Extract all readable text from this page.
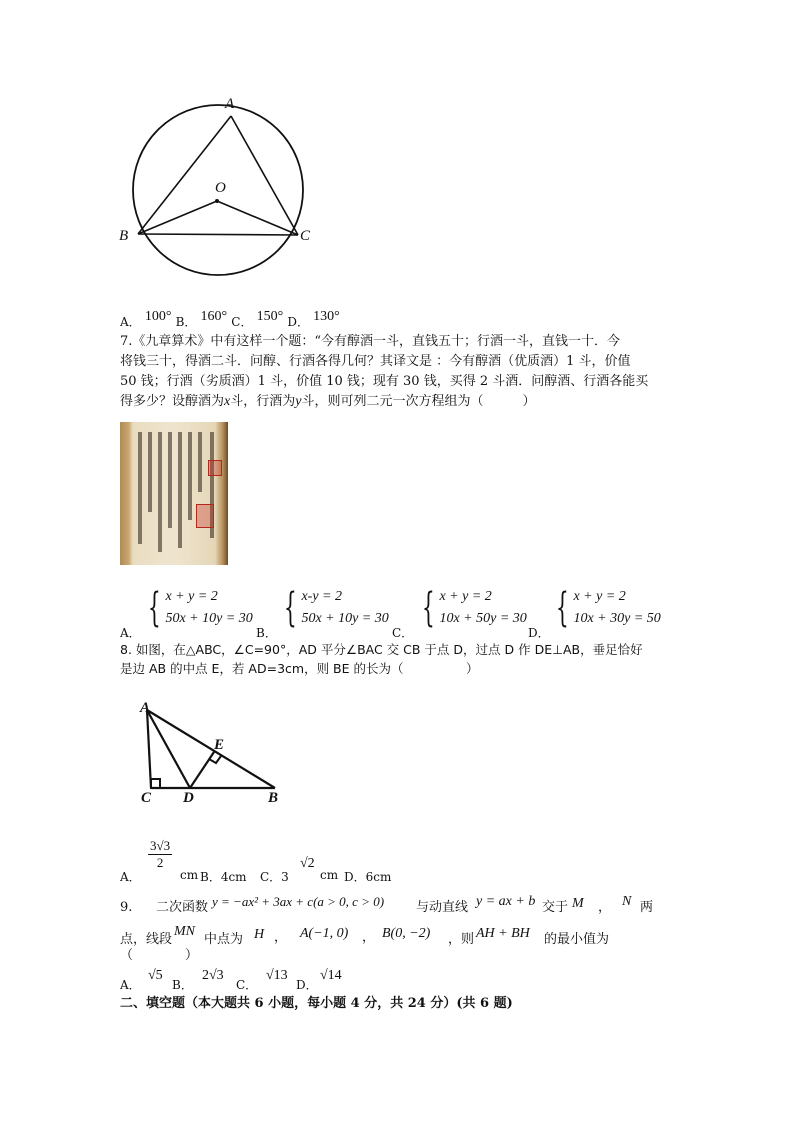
A
O
B	C
A． 100° B． 160° C． 150° D． 130°
7.《九章算术》中有这样一个题：“今有醇酒一斗，直钱五十；行酒一斗，直钱一十．今
将钱三十，得酒二斗．问醇、行酒各得几何？其译文是 ：今有醇酒（优质酒）1 斗，价值
50 钱；行酒（劣质酒）1 斗，价值 10 钱；现有 30 钱，买得 2 斗酒．问醇酒、行酒各能买
得多少？设醇酒为x斗，行酒为y斗，则可列二元一次方程组为（　　　）
A．
{ x + y = 2
50x + 10y = 30
B．
{ x-y = 2
50x + 10y = 30
C．
{ x + y = 2
10x + 50y = 30
D．
{ x + y = 2
10x + 30y = 50
8. 如图，在△ABC，∠C=90°，AD 平分∠BAC 交 CB 于点 D，过点 D 作 DE⊥AB，垂足恰好
是边 AB 的中点 E，若 AD=3cm，则 BE 的长为（　　　　　）
A
E
C D	B
A．
$\frac{3√3}{2}$
cm B．4cm C．3
√2
cm D．6cm
9. 二次函数 y = −ax² + 3ax + c(a > 0, c > 0) 与动直线 y = ax + b 交于 M ， N 两
点，线段
MN
中点为 H ， A(−1, 0) ， B(0, −2) ，则 AH + BH 的最小值为
（　　　　）
A．
√5
B．
2√3
C．
√13
D．
√14
二、填空题（本大题共 6 小题，每小题 4 分，共 24 分）(共 6 题)
